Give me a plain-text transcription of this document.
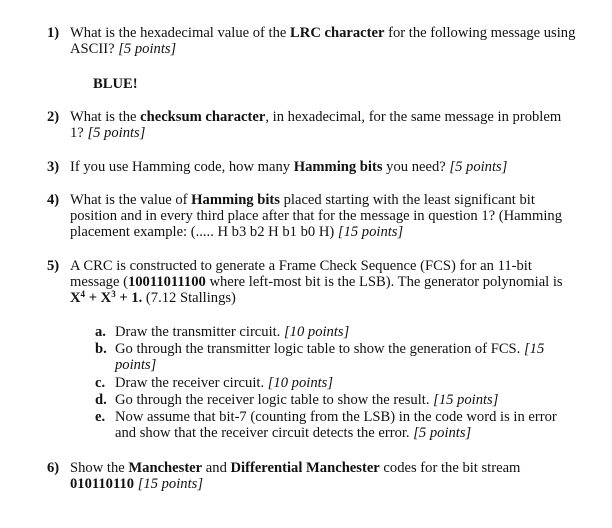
1) What is the hexadecimal value of the LRC character for the following message using ASCII? [5 points]
BLUE!
2) What is the checksum character, in hexadecimal, for the same message in problem 1? [5 points]
3) If you use Hamming code, how many Hamming bits you need? [5 points]
4) What is the value of Hamming bits placed starting with the least significant bit position and in every third place after that for the message in question 1? (Hamming placement example: (..... H b3 b2 H b1 b0 H) [15 points]
5) A CRC is constructed to generate a Frame Check Sequence (FCS) for an 11-bit message (10011011100 where left-most bit is the LSB). The generator polynomial is $X^4 + X^3 + 1$. (7.12 Stallings)
a. Draw the transmitter circuit. [10 points]
b. Go through the transmitter logic table to show the generation of FCS. [15 points]
c. Draw the receiver circuit. [10 points]
d. Go through the receiver logic table to show the result. [15 points]
e. Now assume that bit-7 (counting from the LSB) in the code word is in error and show that the receiver circuit detects the error. [5 points]
6) Show the Manchester and Differential Manchester codes for the bit stream 010110110 [15 points]
